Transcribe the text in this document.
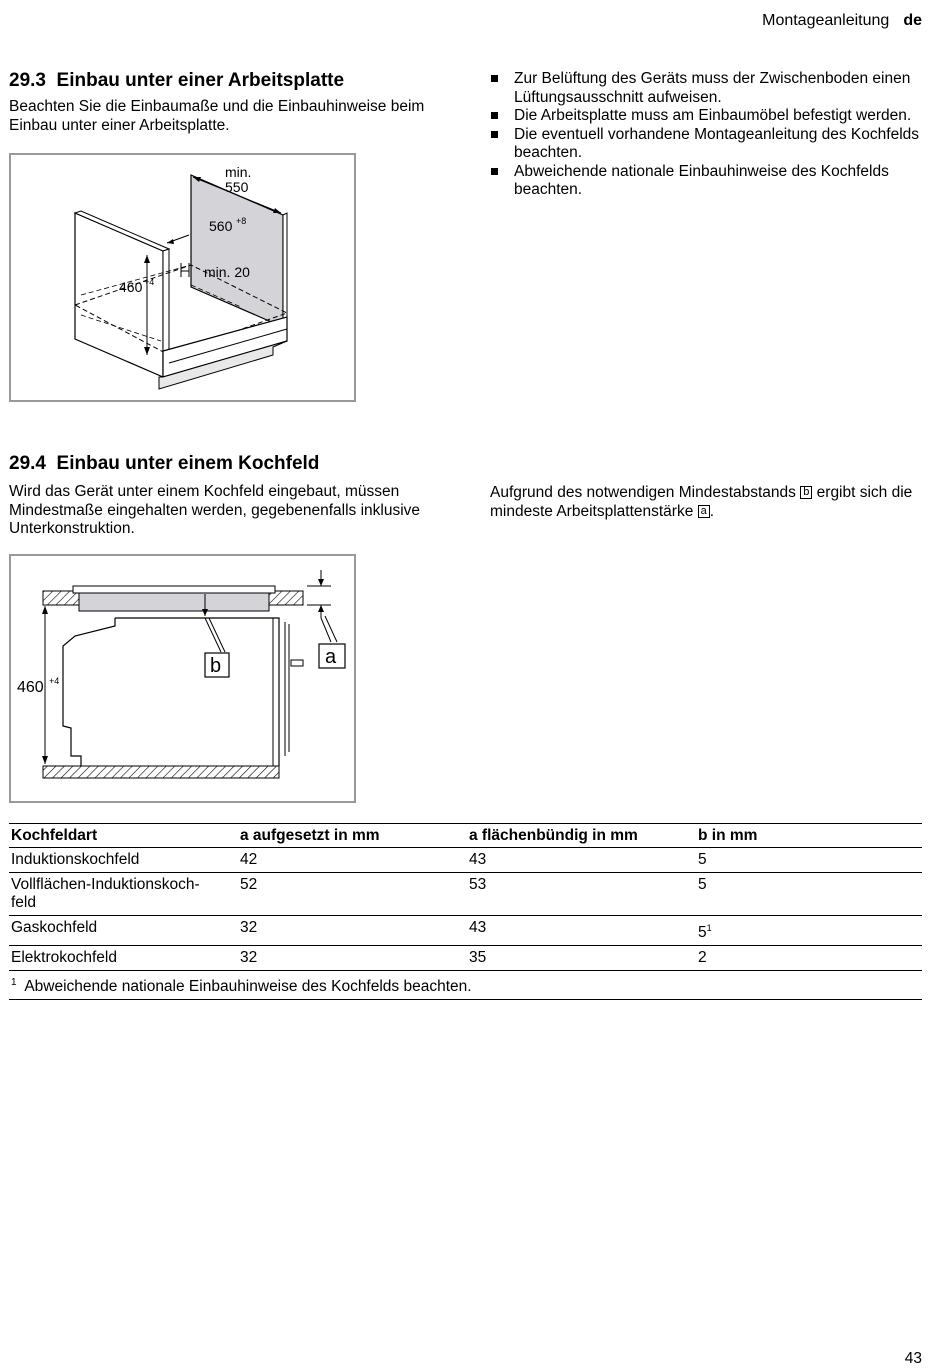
Montageanleitung de
29.3  Einbau unter einer Arbeitsplatte

Beachten Sie die Einbaumaße und die Einbauhinweise beim Einbau unter einer Arbeitsplatte.

Zur Belüftung des Geräts muss der Zwischenboden einen Lüftungsausschnitt aufweisen.
Die Arbeitsplatte muss am Einbaumöbel befestigt werden.
Die eventuell vorhandene Montageanleitung des Kochfelds beachten.
Abweichende nationale Einbauhinweise des Kochfelds beachten.
min.
550
560 +8
460 +4
min. 20
29.4  Einbau unter einem Kochfeld

Wird das Gerät unter einem Kochfeld eingebaut, müssen Mindestmaße eingehalten werden, gegebenenfalls inklusive Unterkonstruktion.

Aufgrund des notwendigen Mindestabstands b ergibt sich die mindeste Arbeitsplattenstärke a .

b	a
460 +4
Kochfeldart	a aufgesetzt in mm	a flächenbündig in mm	b in mm
Induktionskochfeld	42	43	5
Vollflächen-Induktionskoch-feld	52	53	5
Gaskochfeld	32	43	$5^1$
Elektrokochfeld	32	35	2
$^1$ Abweichende nationale Einbauhinweise des Kochfelds beachten.			
43
